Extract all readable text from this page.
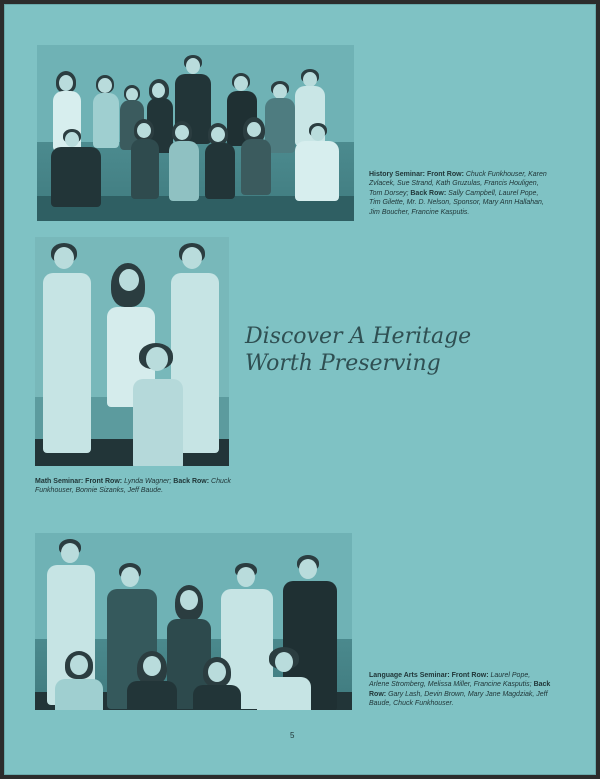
History Seminar: Front Row: Chuck Funkhouser, Karen Zvlacek, Sue Strand, Kath Gruzulas, Francis Houligen, Tom Dorsey; Back Row: Sally Campbell, Laurel Pope, Tim Gilette, Mr. D. Nelson, Sponsor, Mary Ann Hallahan, Jim Boucher, Francine Kasputis.
Math Seminar: Front Row: Lynda Wagner; Back Row: Chuck Funkhouser, Bonnie Sizanks, Jeff Baude.
Discover A Heritage
Worth Preserving
Language Arts Seminar: Front Row: Laurel Pope, Arlene Stromberg, Melissa Miller, Francine Kasputis; Back Row: Gary Lash, Devin Brown, Mary Jane Magdziak, Jeff Baude, Chuck Funkhouser.
5
